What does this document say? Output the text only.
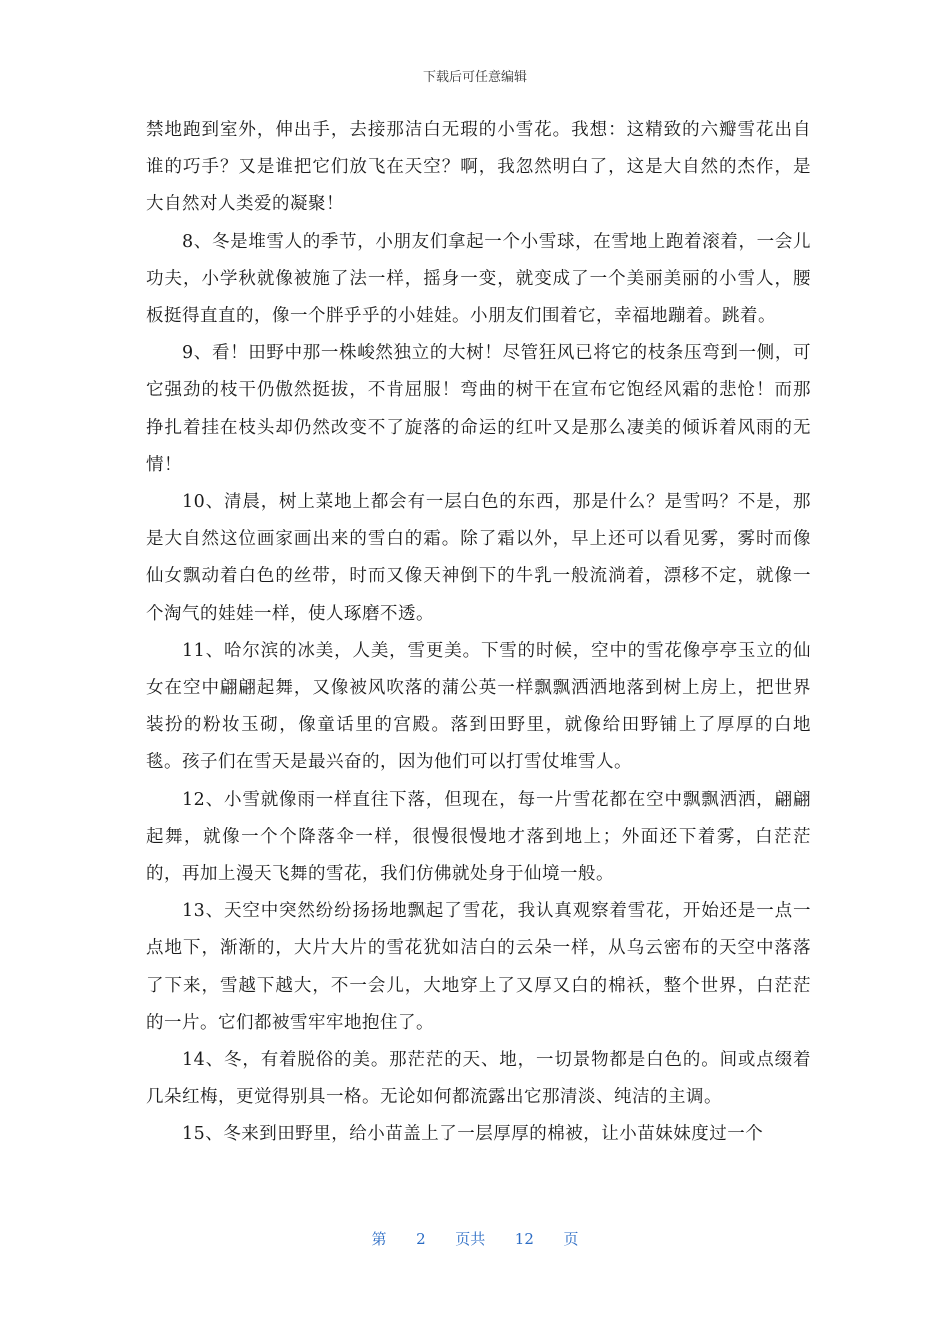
下载后可任意编辑

禁地跑到室外，伸出手，去接那洁白无瑕的小雪花。我想：这精致的六瓣雪花出自谁的巧手？又是谁把它们放飞在天空？啊，我忽然明白了，这是大自然的杰作，是大自然对人类爱的凝聚！

8、冬是堆雪人的季节，小朋友们拿起一个小雪球，在雪地上跑着滚着，一会儿功夫，小学秋就像被施了法一样，摇身一变，就变成了一个美丽美丽的小雪人，腰板挺得直直的，像一个胖乎乎的小娃娃。小朋友们围着它，幸福地蹦着。跳着。

9、看！田野中那一株峻然独立的大树！尽管狂风已将它的枝条压弯到一侧，可它强劲的枝干仍傲然挺拔，不肯屈服！弯曲的树干在宣布它饱经风霜的悲怆！而那挣扎着挂在枝头却仍然改变不了旋落的命运的红叶又是那么凄美的倾诉着风雨的无情！

10、清晨，树上菜地上都会有一层白色的东西，那是什么？是雪吗？不是，那是大自然这位画家画出来的雪白的霜。除了霜以外，早上还可以看见雾，雾时而像仙女飘动着白色的丝带，时而又像天神倒下的牛乳一般流淌着，漂移不定，就像一个淘气的娃娃一样，使人琢磨不透。

11、哈尔滨的冰美，人美，雪更美。下雪的时候，空中的雪花像亭亭玉立的仙女在空中翩翩起舞，又像被风吹落的蒲公英一样飘飘洒洒地落到树上房上，把世界装扮的粉妆玉砌，像童话里的宫殿。落到田野里，就像给田野铺上了厚厚的白地毯。孩子们在雪天是最兴奋的，因为他们可以打雪仗堆雪人。

12、小雪就像雨一样直往下落，但现在，每一片雪花都在空中飘飘洒洒，翩翩起舞，就像一个个降落伞一样，很慢很慢地才落到地上；外面还下着雾，白茫茫的，再加上漫天飞舞的雪花，我们仿佛就处身于仙境一般。

13、天空中突然纷纷扬扬地飘起了雪花，我认真观察着雪花，开始还是一点一点地下，渐渐的，大片大片的雪花犹如洁白的云朵一样，从乌云密布的天空中落落了下来，雪越下越大，不一会儿，大地穿上了又厚又白的棉袄，整个世界，白茫茫的一片。它们都被雪牢牢地抱住了。

14、冬，有着脱俗的美。那茫茫的天、地，一切景物都是白色的。间或点缀着几朵红梅，更觉得别具一格。无论如何都流露出它那清淡、纯洁的主调。

15、冬来到田野里，给小苗盖上了一层厚厚的棉被，让小苗妹妹度过一个

第 2 页共 12 页
